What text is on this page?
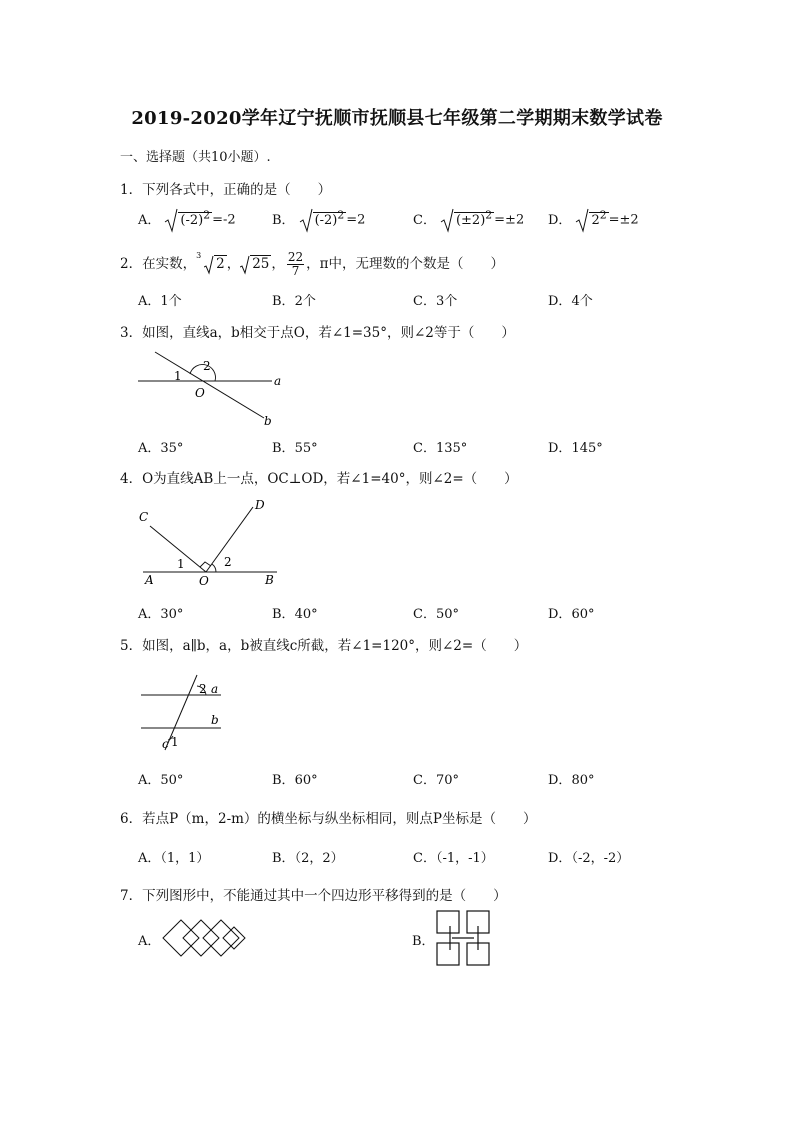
2019-2020学年辽宁抚顺市抚顺县七年级第二学期期末数学试卷
一、选择题（共10小题）.
1．下列各式中，正确的是（　　）
A． $(-2)^2 =-2$	B． $(-2)^2 =2$	C． $(\pm 2)^2 =\pm 2$ D． $2^2 =\pm 2$
2．在实数，
3
2 ， 25 ， $\frac{22}{7}$ ，π中，无理数的个数是（　　）
A．1个	B．2个	C．3个	D．4个
3．如图，直线a，b相交于点O，若∠1=35°，则∠2等于（　　）
1
2
O
a
b
A．35°	B．55°	C．135°	D．145°
4．O为直线AB上一点，OC⊥OD，若∠1=40°，则∠2=（　　）
C
D
A	O	B
1	2
A．30°	B．40°	C．50°	D．60°
5．如图，a∥b，a，b被直线c所截，若∠1=120°，则∠2=（　　）
2 a
b
c 1
A．50°	B．60°	C．70°	D．80°
6．若点P（m，2-m）的横坐标与纵坐标相同，则点P坐标是（　　）
A．（1，1）	B．（2，2）	C．（-1，-1）	D．（-2，-2）
7．下列图形中，不能通过其中一个四边形平移得到的是（　　）
A．	B．
